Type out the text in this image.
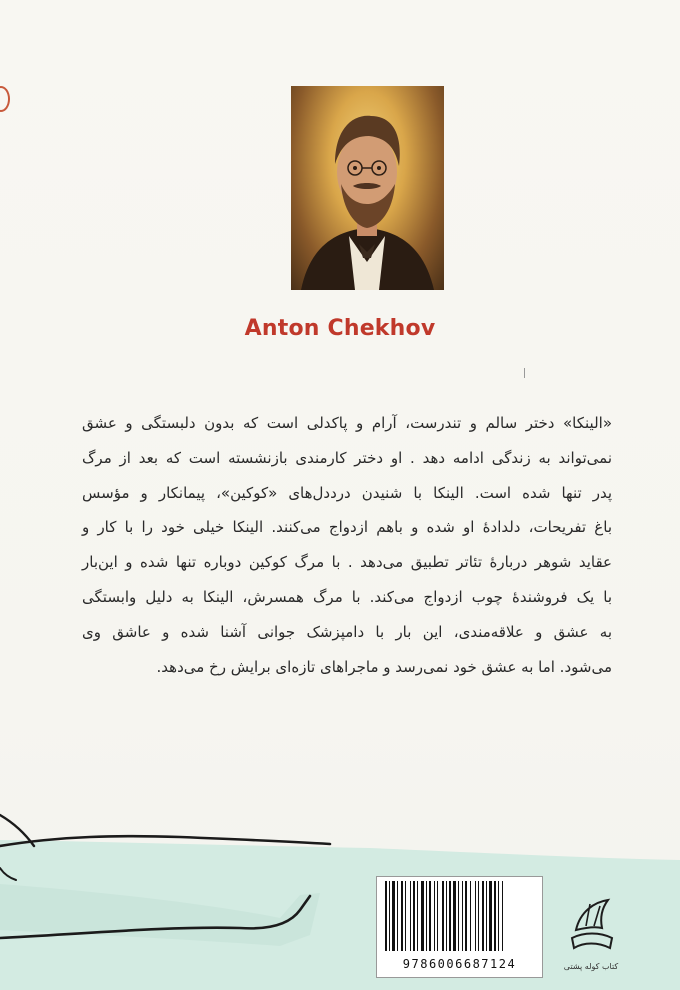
Anton Chekhov
«الینکا» دختر سالم و تندرست، آرام و پاکدلی است که بدون دلبستگی و عشق
نمی‌تواند به زندگی ادامه دهد . او دختر کارمندی بازنشسته است که بعد از مرگ
پدر تنها شده است. الینکا با شنیدن درددل‌های «کوکین»، پیمانکار و مؤسس
باغ تفریحات، دلدادهٔ او شده و باهم ازدواج می‌کنند. الینکا خیلی خود را با کار و
عقاید شوهر دربارهٔ تئاتر تطبیق می‌دهد . با مرگ کوکین دوباره تنها شده و این‌بار
با یک فروشندهٔ چوب ازدواج می‌کند. با مرگ همسرش، الینکا به دلیل وابستگی
به عشق و علاقه‌مندی، این بار با دامپزشک جوانی آشنا شده و عاشق وی
می‌شود. اما به عشق خود نمی‌رسد و ماجراهای تازه‌ای برایش رخ می‌دهد.
9786006687124	کتاب کوله پشتی
